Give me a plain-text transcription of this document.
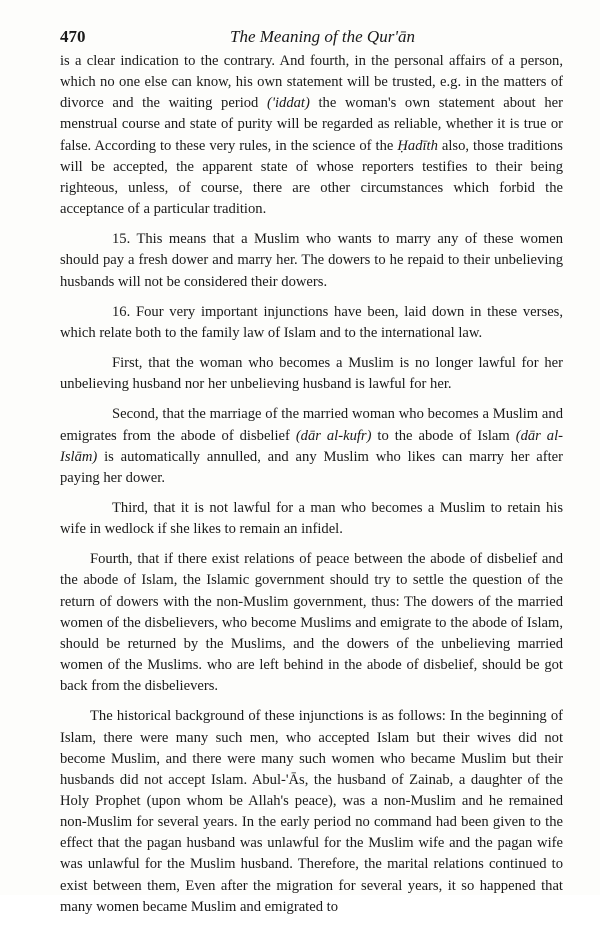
470	The Meaning of the Qur'ān

is a clear indication to the contrary. And fourth, in the personal affairs of a person, which no one else can know, his own statement will be trusted, e.g. in the matters of divorce and the waiting period ('iddat) the woman's own statement about her menstrual course and state of purity will be regarded as reliable, whether it is true or false. According to these very rules, in the science of the Ḥadīth also, those traditions will be accepted, the apparent state of whose reporters testifies to their being righteous, unless, of course, there are other circumstances which forbid the acceptance of a particular tradition.

15. This means that a Muslim who wants to marry any of these women should pay a fresh dower and marry her. The dowers to he repaid to their unbelieving husbands will not be considered their dowers.

16. Four very important injunctions have been, laid down in these verses, which relate both to the family law of Islam and to the international law.

First, that the woman who becomes a Muslim is no longer lawful for her unbelieving husband nor her unbelieving husband is lawful for her.

Second, that the marriage of the married woman who becomes a Muslim and emigrates from the abode of disbelief (dār al-kufr) to the abode of Islam (dār al-Islām) is automatically annulled, and any Muslim who likes can marry her after paying her dower.

Third, that it is not lawful for a man who becomes a Muslim to retain his wife in wedlock if she likes to remain an infidel.

Fourth, that if there exist relations of peace between the abode of disbelief and the abode of Islam, the Islamic government should try to settle the question of the return of dowers with the non-Muslim government, thus: The dowers of the married women of the disbelievers, who become Muslims and emigrate to the abode of Islam, should be returned by the Muslims, and the dowers of the unbelieving married women of the Muslims. who are left behind in the abode of disbelief, should be got back from the disbelievers.

The historical background of these injunctions is as follows: In the beginning of Islam, there were many such men, who accepted Islam but their wives did not become Muslim, and there were many such women who became Muslim but their husbands did not accept Islam. Abul-'Ās, the husband of Zainab, a daughter of the Holy Prophet (upon whom be Allah's peace), was a non-Muslim and he remained non-Muslim for several years. In the early period no command had been given to the effect that the pagan husband was unlawful for the Muslim wife and the pagan wife was unlawful for the Muslim husband. Therefore, the marital relations continued to exist between them, Even after the migration for several years, it so happened that many women became Muslim and emigrated to
